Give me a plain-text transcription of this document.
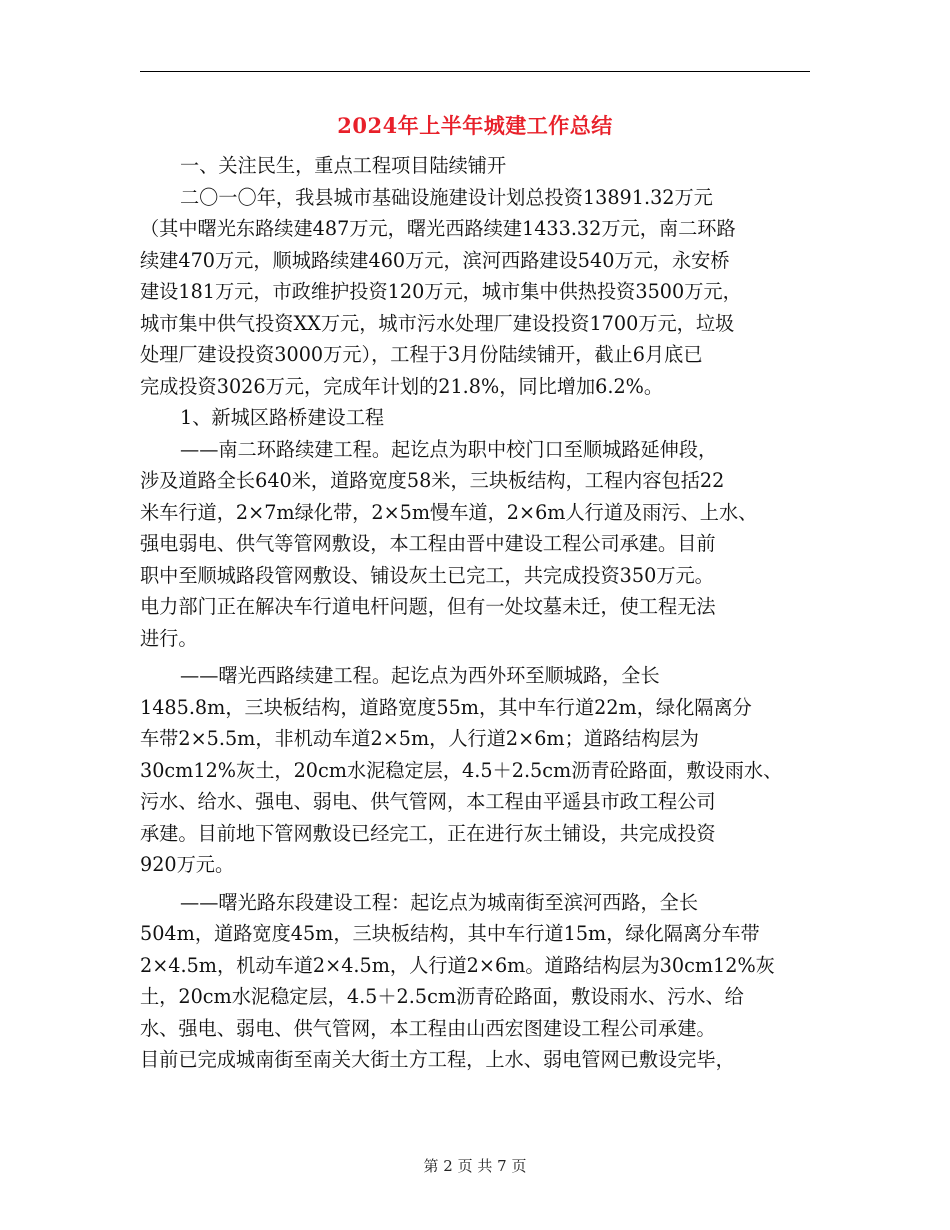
2024年上半年城建工作总结
一、关注民生，重点工程项目陆续铺开
二〇一〇年，我县城市基础设施建设计划总投资13891.32万元
（其中曙光东路续建487万元，曙光西路续建1433.32万元，南二环路
续建470万元，顺城路续建460万元，滨河西路建设540万元，永安桥
建设181万元，市政维护投资120万元，城市集中供热投资3500万元，
城市集中供气投资XX万元，城市污水处理厂建设投资1700万元，垃圾
处理厂建设投资3000万元），工程于3月份陆续铺开，截止6月底已
完成投资3026万元，完成年计划的21.8%，同比增加6.2%。
1、新城区路桥建设工程
——南二环路续建工程。起讫点为职中校门口至顺城路延伸段，
涉及道路全长640米，道路宽度58米，三块板结构，工程内容包括22
米车行道，2×7m绿化带，2×5m慢车道，2×6m人行道及雨污、上水、
强电弱电、供气等管网敷设，本工程由晋中建设工程公司承建。目前
职中至顺城路段管网敷设、铺设灰土已完工，共完成投资350万元。
电力部门正在解决车行道电杆问题，但有一处坟墓未迁，使工程无法
进行。
——曙光西路续建工程。起讫点为西外环至顺城路，全长
1485.8m，三块板结构，道路宽度55m，其中车行道22m，绿化隔离分
车带2×5.5m，非机动车道2×5m，人行道2×6m；道路结构层为
30cm12%灰土，20cm水泥稳定层，4.5＋2.5cm沥青砼路面，敷设雨水、
污水、给水、强电、弱电、供气管网，本工程由平遥县市政工程公司
承建。目前地下管网敷设已经完工，正在进行灰土铺设，共完成投资
920万元。
——曙光路东段建设工程：起讫点为城南街至滨河西路，全长
504m，道路宽度45m，三块板结构，其中车行道15m，绿化隔离分车带
2×4.5m，机动车道2×4.5m，人行道2×6m。道路结构层为30cm12%灰
土，20cm水泥稳定层，4.5＋2.5cm沥青砼路面，敷设雨水、污水、给
水、强电、弱电、供气管网，本工程由山西宏图建设工程公司承建。
目前已完成城南街至南关大街土方工程，上水、弱电管网已敷设完毕，
第 2 页 共 7 页
